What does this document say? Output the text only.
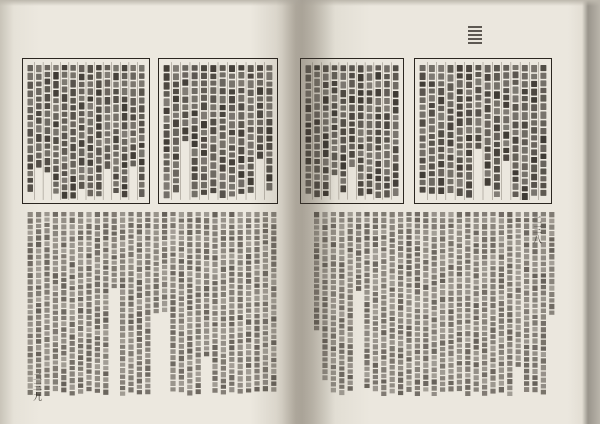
二三九
二三八
